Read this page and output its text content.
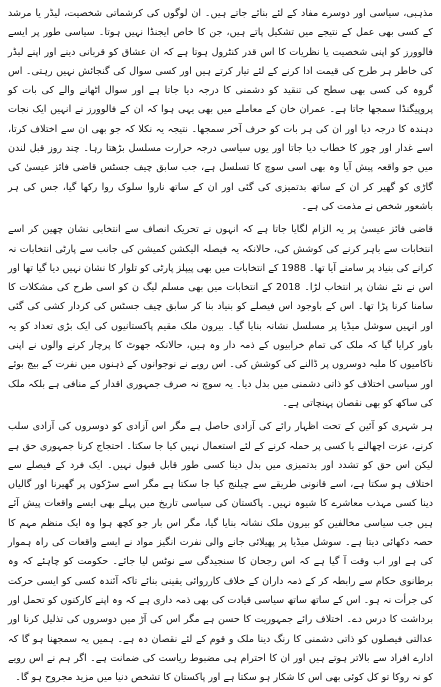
مذہبی، سیاسی اور دوسرے مفاد کے لئے بنائے جاتے ہیں۔ ان لوگوں کی کرشماتی شخصیت، لیڈر یا مرشد کے کسی بھی عمل کے نتیجے میں تشکیل پاتے ہیں، جن کا خاص ایجنڈا نہیں ہوتا۔ سیاسی طور پر ایسے فالوورز کو اپنی شخصیت یا نظریات کا اس قدر کنٹرول ہوتا ہے کہ ان عشاق کو قربانی دینے اور اپنے لیڈر کی خاطر ہر طرح کی قیمت ادا کرنے کے لئے تیار کرتے ہیں اور کسی سوال کی گنجائش نہیں رہتی۔ اس گروہ کی کسی بھی سطح کی تنقید کو دشمنی کا درجہ دیا جاتا ہے اور سوال اٹھانے والے کی بات کو پروپیگنڈا سمجھا جاتا ہے۔ عمران خان کے معاملے میں بھی یہی ہوا کہ ان کے فالوورز نے انہیں ایک نجات دہندہ کا درجہ دیا اور ان کی ہر بات کو حرف آخر سمجھا۔ نتیجہ یہ نکلا کہ جو بھی ان سے اختلاف کرتا، اسے غدار اور چور کا خطاب دیا جاتا اور یوں سیاسی درجہ حرارت مسلسل بڑھتا رہا۔ چند روز قبل لندن میں جو واقعہ پیش آیا وہ بھی اسی سوچ کا تسلسل ہے، جب سابق چیف جسٹس قاضی فائز عیسیٰ کی گاڑی کو گھیر کر ان کے ساتھ بدتمیزی کی گئی اور ان کے ساتھ ناروا سلوک روا رکھا گیا، جس کی ہر باشعور شخص نے مذمت کی ہے۔

قاضی فائز عیسیٰ پر یہ الزام لگایا جاتا ہے کہ انہوں نے تحریک انصاف سے انتخابی نشان چھین کر اسے انتخابات سے باہر کرنے کی کوشش کی، حالانکہ یہ فیصلہ الیکشن کمیشن کی جانب سے پارٹی انتخابات نہ کرانے کی بنیاد پر سامنے آیا تھا۔ 1988 کے انتخابات میں بھی پیپلز پارٹی کو تلوار کا نشان نہیں دیا گیا تھا اور اس نے نئے نشان پر انتخاب لڑا۔ 2018 کے انتخابات میں بھی مسلم لیگ ن کو اسی طرح کی مشکلات کا سامنا کرنا پڑا تھا۔ اس کے باوجود اس فیصلے کو بنیاد بنا کر سابق چیف جسٹس کی کردار کشی کی گئی اور انہیں سوشل میڈیا پر مسلسل نشانہ بنایا گیا۔ بیرون ملک مقیم پاکستانیوں کی ایک بڑی تعداد کو یہ باور کرایا گیا کہ ملک کی تمام خرابیوں کے ذمہ دار وہ ہیں، حالانکہ جھوٹ کا پرچار کرنے والوں نے اپنی ناکامیوں کا ملبہ دوسروں پر ڈالنے کی کوشش کی۔ اس رویے نے نوجوانوں کے ذہنوں میں نفرت کے بیج بوئے اور سیاسی اختلاف کو ذاتی دشمنی میں بدل دیا۔ یہ سوچ نہ صرف جمہوری اقدار کے منافی ہے بلکہ ملک کی ساکھ کو بھی نقصان پہنچاتی ہے۔

ہر شہری کو آئین کے تحت اظہار رائے کی آزادی حاصل ہے مگر اس آزادی کو دوسروں کی آزادی سلب کرنے، عزت اچھالنے یا کسی پر حملہ کرنے کے لئے استعمال نہیں کیا جا سکتا۔ احتجاج کرنا جمہوری حق ہے لیکن اس حق کو تشدد اور بدتمیزی میں بدل دینا کسی طور قابل قبول نہیں۔ ایک فرد کے فیصلے سے اختلاف ہو سکتا ہے، اسے قانونی طریقے سے چیلنج کیا جا سکتا ہے مگر اسے سڑکوں پر گھیرنا اور گالیاں دینا کسی مہذب معاشرے کا شیوہ نہیں۔ پاکستان کی سیاسی تاریخ میں پہلے بھی ایسے واقعات پیش آئے ہیں جب سیاسی مخالفین کو بیرون ملک نشانہ بنایا گیا، مگر اس بار جو کچھ ہوا وہ ایک منظم مہم کا حصہ دکھائی دیتا ہے۔ سوشل میڈیا پر پھیلائی جانے والی نفرت انگیز مواد نے ایسے واقعات کی راہ ہموار کی ہے اور اب وقت آ گیا ہے کہ اس رجحان کا سنجیدگی سے نوٹس لیا جائے۔ حکومت کو چاہئے کہ وہ برطانوی حکام سے رابطہ کر کے ذمہ داران کے خلاف کارروائی یقینی بنائے تاکہ آئندہ کسی کو ایسی حرکت کی جرأت نہ ہو۔ اس کے ساتھ ساتھ سیاسی قیادت کی بھی ذمہ داری ہے کہ وہ اپنے کارکنوں کو تحمل اور برداشت کا درس دے۔ اختلاف رائے جمہوریت کا حسن ہے مگر اس کی آڑ میں دوسروں کی تذلیل کرنا اور عدالتی فیصلوں کو ذاتی دشمنی کا رنگ دینا ملک و قوم کے لئے نقصان دہ ہے۔ ہمیں یہ سمجھنا ہو گا کہ ادارے افراد سے بالاتر ہوتے ہیں اور ان کا احترام ہی مضبوط ریاست کی ضمانت ہے۔ اگر ہم نے اس رویے کو نہ روکا تو کل کوئی بھی اس کا شکار ہو سکتا ہے اور پاکستان کا تشخص دنیا میں مزید مجروح ہو گا۔
